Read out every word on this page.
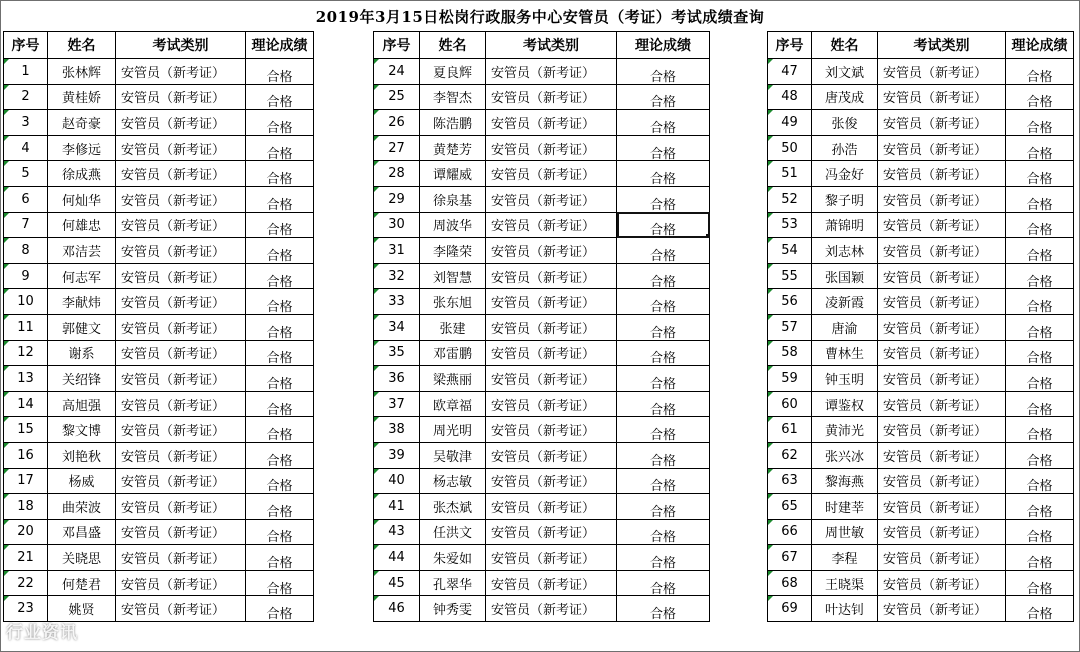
2019年3月15日松岗行政服务中心安管员（考证）考试成绩查询
序号	姓名	考试类别	理论成绩
1	张林辉	安管员（新考证）	合格
2	黄桂娇	安管员（新考证）	合格
3	赵奇豪	安管员（新考证）	合格
4	李修远	安管员（新考证）	合格
5	徐成燕	安管员（新考证）	合格
6	何灿华	安管员（新考证）	合格
7	何雄忠	安管员（新考证）	合格
8	邓洁芸	安管员（新考证）	合格
9	何志军	安管员（新考证）	合格
10	李献炜	安管员（新考证）	合格
11	郭健文	安管员（新考证）	合格
12	谢系	安管员（新考证）	合格
13	关绍锋	安管员（新考证）	合格
14	高旭强	安管员（新考证）	合格
15	黎文博	安管员（新考证）	合格
16	刘艳秋	安管员（新考证）	合格
17	杨威	安管员（新考证）	合格
18	曲荣波	安管员（新考证）	合格
20	邓昌盛	安管员（新考证）	合格
21	关晓思	安管员（新考证）	合格
22	何楚君	安管员（新考证）	合格
23	姚贤	安管员（新考证）	合格
序号	姓名	考试类别	理论成绩
24	夏良辉	安管员（新考证）	合格
25	李智杰	安管员（新考证）	合格
26	陈浩鹏	安管员（新考证）	合格
27	黄楚芳	安管员（新考证）	合格
28	谭耀威	安管员（新考证）	合格
29	徐泉基	安管员（新考证）	合格
30	周波华	安管员（新考证）	合格
31	李隆荣	安管员（新考证）	合格
32	刘智慧	安管员（新考证）	合格
33	张东旭	安管员（新考证）	合格
34	张建	安管员（新考证）	合格
35	邓雷鹏	安管员（新考证）	合格
36	梁燕丽	安管员（新考证）	合格
37	欧章福	安管员（新考证）	合格
38	周光明	安管员（新考证）	合格
39	吴敬津	安管员（新考证）	合格
40	杨志敏	安管员（新考证）	合格
41	张杰斌	安管员（新考证）	合格
43	任洪文	安管员（新考证）	合格
44	朱爱如	安管员（新考证）	合格
45	孔翠华	安管员（新考证）	合格
46	钟秀雯	安管员（新考证）	合格
序号	姓名	考试类别	理论成绩
47	刘文斌	安管员（新考证）	合格
48	唐茂成	安管员（新考证）	合格
49	张俊	安管员（新考证）	合格
50	孙浩	安管员（新考证）	合格
51	冯金好	安管员（新考证）	合格
52	黎子明	安管员（新考证）	合格
53	萧锦明	安管员（新考证）	合格
54	刘志林	安管员（新考证）	合格
55	张国颖	安管员（新考证）	合格
56	凌新霞	安管员（新考证）	合格
57	唐渝	安管员（新考证）	合格
58	曹林生	安管员（新考证）	合格
59	钟玉明	安管员（新考证）	合格
60	谭鉴权	安管员（新考证）	合格
61	黄沛光	安管员（新考证）	合格
62	张兴冰	安管员（新考证）	合格
63	黎海燕	安管员（新考证）	合格
65	时建莘	安管员（新考证）	合格
66	周世敏	安管员（新考证）	合格
67	李程	安管员（新考证）	合格
68	王晓渠	安管员（新考证）	合格
69	叶达钊	安管员（新考证）	合格
行业资讯
